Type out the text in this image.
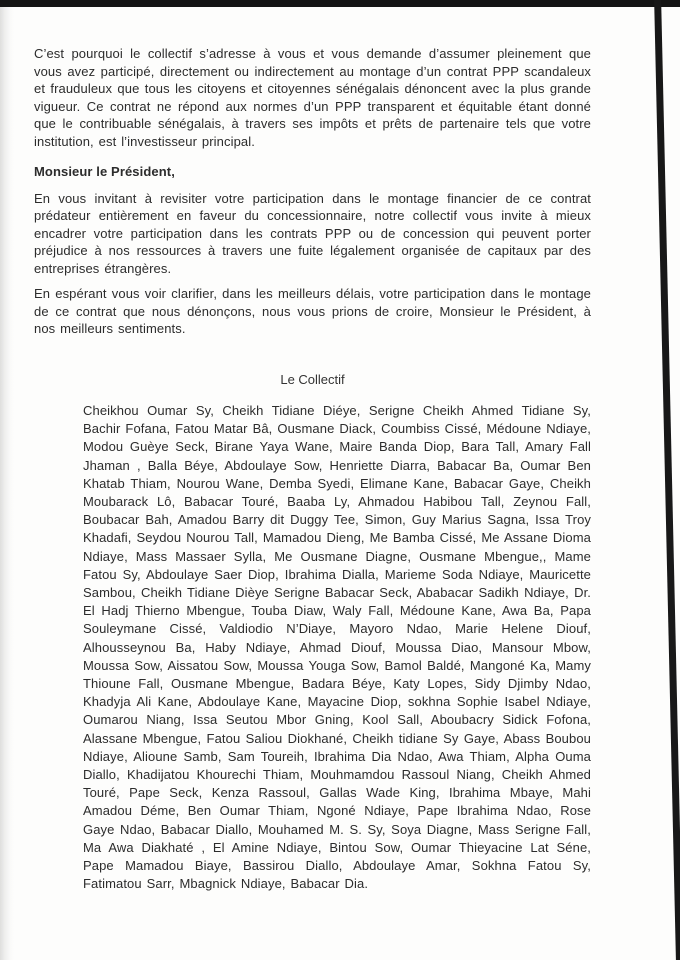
C’est pourquoi le collectif s’adresse à vous et vous demande d’assumer pleinement que vous avez participé, directement ou indirectement au montage d’un contrat PPP scandaleux et frauduleux que tous les citoyens et citoyennes sénégalais dénoncent avec la plus grande vigueur. Ce contrat ne répond aux normes d’un PPP transparent et équitable étant donné que le contribuable sénégalais, à travers ses impôts et prêts de partenaire tels que votre institution, est l’investisseur principal.

Monsieur le Président,

En vous invitant à revisiter votre participation dans le montage financier de ce contrat prédateur entièrement en faveur du concessionnaire, notre collectif vous invite à mieux encadrer votre participation dans les contrats PPP ou de concession qui peuvent porter préjudice à nos ressources à travers une fuite légalement organisée de capitaux par des entreprises étrangères.

En espérant vous voir clarifier, dans les meilleurs délais, votre participation dans le montage de ce contrat que nous dénonçons, nous vous prions de croire, Monsieur le Président, à nos meilleurs sentiments.

Le Collectif

Cheikhou Oumar Sy, Cheikh Tidiane Diéye, Serigne Cheikh Ahmed Tidiane Sy, Bachir Fofana, Fatou Matar Bâ, Ousmane Diack, Coumbiss Cissé, Médoune Ndiaye, Modou Guèye Seck, Birane Yaya Wane, Maire Banda Diop, Bara Tall, Amary Fall Jhaman , Balla Béye, Abdoulaye Sow, Henriette Diarra, Babacar Ba, Oumar Ben Khatab Thiam, Nourou Wane, Demba Syedi, Elimane Kane, Babacar Gaye, Cheikh Moubarack Lô, Babacar Touré, Baaba Ly, Ahmadou Habibou Tall, Zeynou Fall, Boubacar Bah, Amadou Barry dit Duggy Tee, Simon, Guy Marius Sagna, Issa Troy Khadafi, Seydou Nourou Tall, Mamadou Dieng, Me Bamba Cissé, Me Assane Dioma Ndiaye, Mass Massaer Sylla, Me Ousmane Diagne, Ousmane Mbengue,, Mame Fatou Sy, Abdoulaye Saer Diop, Ibrahima Dialla, Marieme Soda Ndiaye, Mauricette Sambou, Cheikh Tidiane Dièye Serigne Babacar Seck, Ababacar Sadikh Ndiaye, Dr. El Hadj Thierno Mbengue, Touba Diaw, Waly Fall, Médoune Kane, Awa Ba, Papa Souleymane Cissé, Valdiodio N’Diaye, Mayoro Ndao, Marie Helene Diouf, Alhousseynou Ba, Haby Ndiaye, Ahmad Diouf, Moussa Diao, Mansour Mbow, Moussa Sow, Aissatou Sow, Moussa Youga Sow, Bamol Baldé, Mangoné Ka, Mamy Thioune Fall, Ousmane Mbengue, Badara Béye, Katy Lopes, Sidy Djimby Ndao, Khadyja Ali Kane, Abdoulaye Kane, Mayacine Diop, sokhna Sophie Isabel Ndiaye, Oumarou Niang, Issa Seutou Mbor Gning, Kool Sall, Aboubacry Sidick Fofona, Alassane Mbengue, Fatou Saliou Diokhané, Cheikh tidiane Sy Gaye, Abass Boubou Ndiaye, Alioune Samb, Sam Toureih, Ibrahima Dia Ndao, Awa Thiam, Alpha Ouma Diallo, Khadijatou Khourechi Thiam, Mouhmamdou Rassoul Niang, Cheikh Ahmed Touré, Pape Seck, Kenza Rassoul, Gallas Wade King, Ibrahima Mbaye, Mahi Amadou Déme, Ben Oumar Thiam, Ngoné Ndiaye, Pape Ibrahima Ndao, Rose Gaye Ndao, Babacar Diallo, Mouhamed M. S. Sy, Soya Diagne, Mass Serigne Fall, Ma Awa Diakhaté , El Amine Ndiaye, Bintou Sow, Oumar Thieyacine Lat Séne, Pape Mamadou Biaye, Bassirou Diallo, Abdoulaye Amar, Sokhna Fatou Sy, Fatimatou Sarr, Mbagnick Ndiaye, Babacar Dia.
